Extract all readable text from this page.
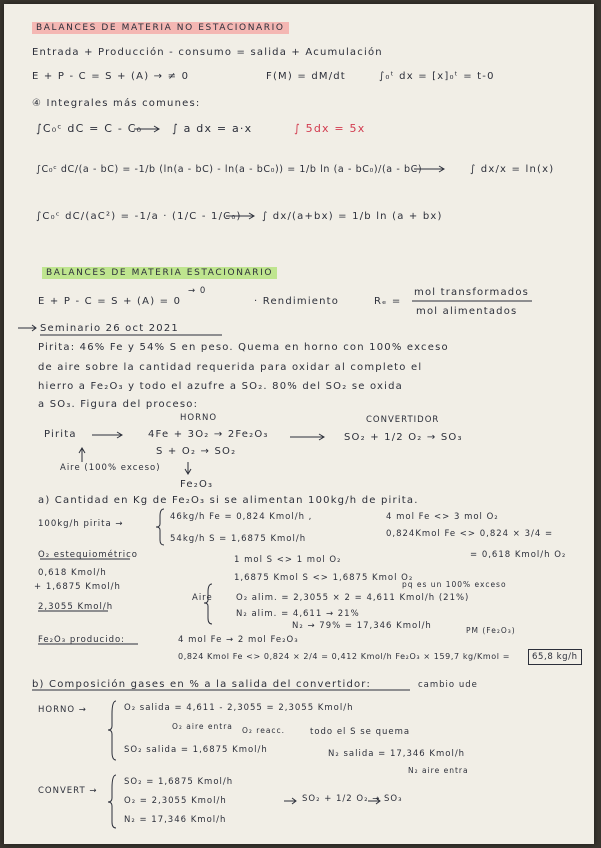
BALANCES DE MATERIA NO ESTACIONARIO
Entrada + Producción - consumo = salida + Acumulación
E + P - C = S + (A) → ≠ 0	F(M) = dM/dt	∫₀ᵗ dx = [x]₀ᵗ = t-0
④ Integrales más comunes:
∫C₀ᶜ dC = C - C₀	∫ a dx = a·x	∫ 5dx = 5x
∫C₀ᶜ dC/(a - bC) = -1/b (ln(a - bC) - ln(a - bC₀)) = 1/b ln (a - bC₀)/(a - bC)	∫ dx/x = ln(x)
∫C₀ᶜ dC/(aC²) = -1/a · (1/C - 1/C₀) ∫ dx/(a+bx) = 1/b ln (a + bx)
BALANCES DE MATERIA ESTACIONARIO
E + P - C = S + (A) = 0
→ 0
· Rendimiento	Rₑ =
mol transformados
mol alimentados
Seminario 26 oct 2021
Pirita: 46% Fe y 54% S en peso. Quema en horno con 100% exceso
de aire sobre la cantidad requerida para oxidar al completo el
hierro a Fe₂O₃ y todo el azufre a SO₂. 80% del SO₂ se oxida
a SO₃. Figura del proceso:
HORNO	CONVERTIDOR
Pirita	4Fe + 3O₂ → 2Fe₂O₃
S + O₂ → SO₂
SO₂ + 1/2 O₂ → SO₃
Aire (100% exceso)
Fe₂O₃
a) Cantidad en Kg de Fe₂O₃ si se alimentan 100kg/h de pirita.
100kg/h pirita →
46kg/h Fe = 0,824 Kmol/h ,
54kg/h S = 1,6875 Kmol/h
4 mol Fe <> 3 mol O₂
0,824Kmol Fe <> 0,824 × 3/4 =
= 0,618 Kmol/h O₂
O₂ estequiométrico
0,618 Kmol/h
+ 1,6875 Kmol/h
2,3055 Kmol/h
1 mol S <> 1 mol O₂
1,6875 Kmol S <> 1,6875 Kmol O₂
Aire
pq es un 100% exceso
O₂ alim. = 2,3055 × 2 = 4,611 Kmol/h (21%)
N₂ alim. = 4,611 → 21%
N₂ → 79% = 17,346 Kmol/h
Fe₂O₃ producido:	4 mol Fe → 2 mol Fe₂O₃
PM (Fe₂O₃)
0,824 Kmol Fe <> 0,824 × 2/4 = 0,412 Kmol/h Fe₂O₃ × 159,7 kg/Kmol =	65,8 kg/h
b) Composición gases en % a la salida del convertidor:	cambio ude
HORNO →	O₂ salida = 4,611 - 2,3055 = 2,3055 Kmol/h
O₂ aire entra O₂ reacc.
SO₂ salida = 1,6875 Kmol/h
todo el S se quema
N₂ salida = 17,346 Kmol/h
N₂ aire entra
CONVERT →
SO₂ = 1,6875 Kmol/h
O₂ = 2,3055 Kmol/h
N₂ = 17,346 Kmol/h
SO₂ + 1/2 O₂ → SO₃
